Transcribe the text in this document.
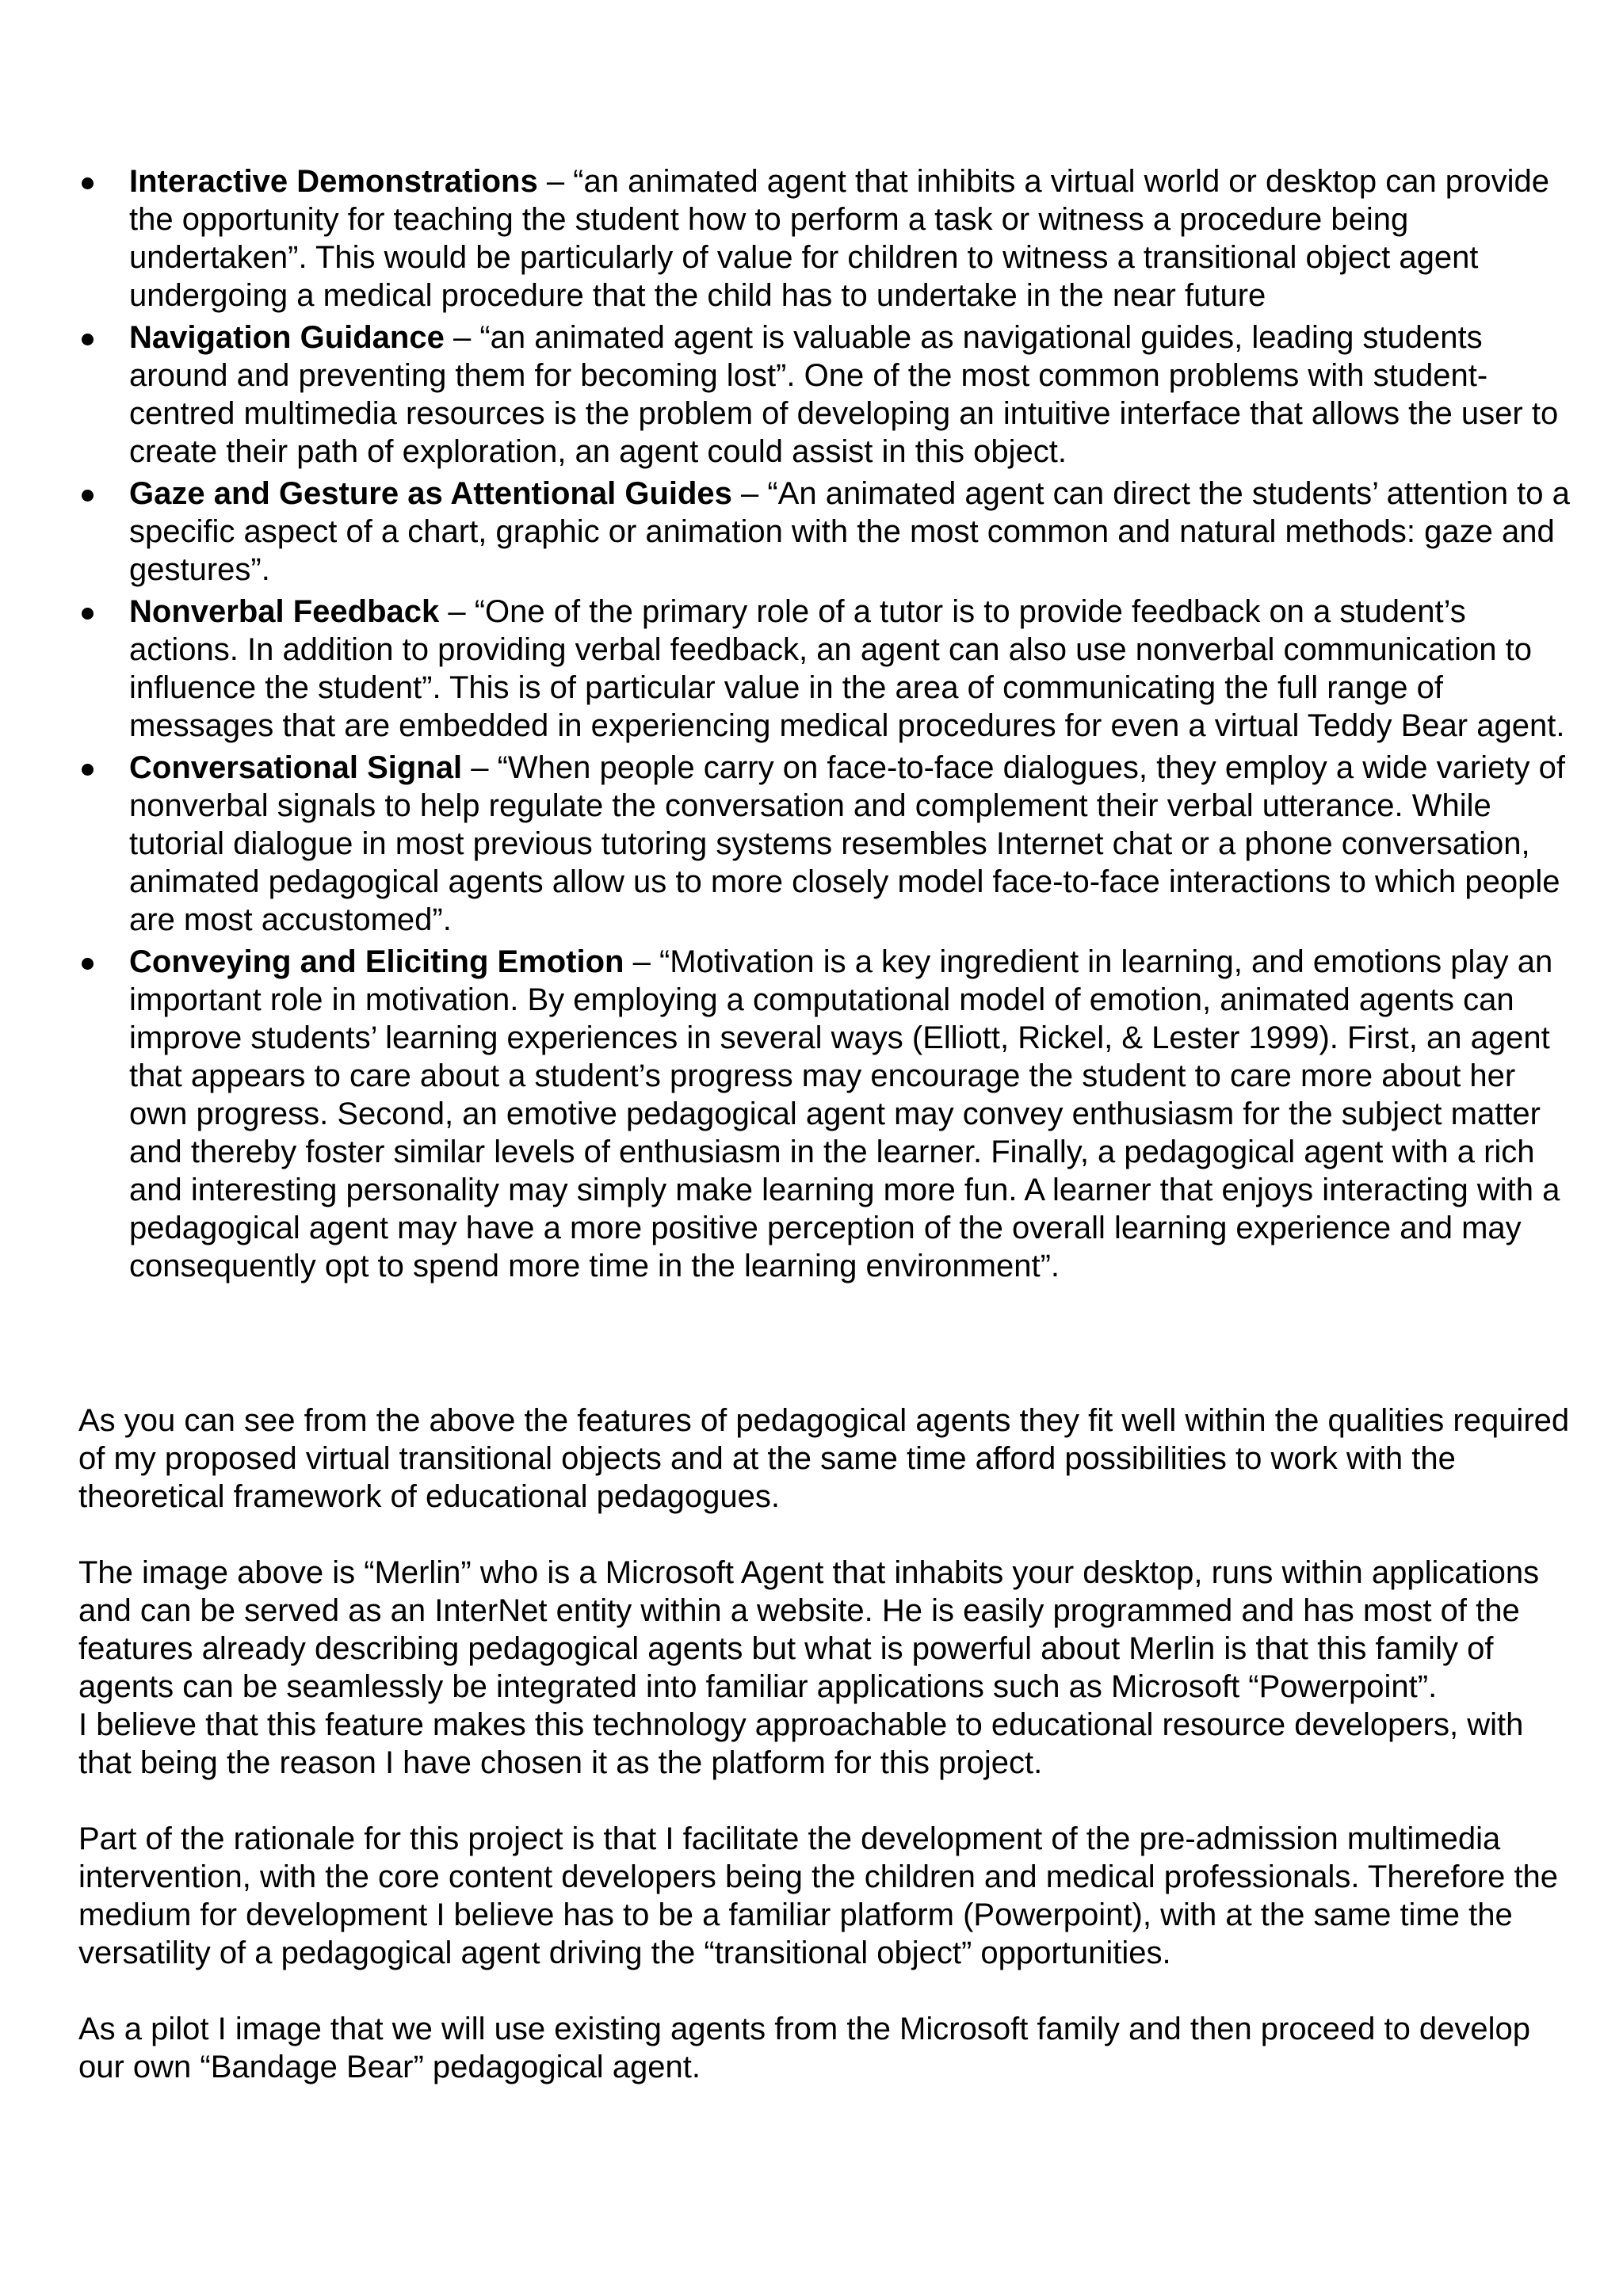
Interactive Demonstrations – “an animated agent that inhibits a virtual world or desktop can provide the opportunity for teaching the student how to perform a task or witness a procedure being undertaken”. This would be particularly of value for children to witness a transitional object agent undergoing a medical procedure that the child has to undertake in the near future
Navigation Guidance – “an animated agent is valuable as navigational guides, leading students around and preventing them for becoming lost”. One of the most common problems with student-centred multimedia resources is the problem of developing an intuitive interface that allows the user to create their path of exploration, an agent could assist in this object.
Gaze and Gesture as Attentional Guides – “An animated agent can direct the students’ attention to a specific aspect of a chart, graphic or animation with the most common and natural methods: gaze and gestures”.
Nonverbal Feedback – “One of the primary role of a tutor is to provide feedback on a student’s actions. In addition to providing verbal feedback, an agent can also use nonverbal communication to influence the student”. This is of particular value in the area of communicating the full range of messages that are embedded in experiencing medical procedures for even a virtual Teddy Bear agent.
Conversational Signal – “When people carry on face-to-face dialogues, they employ a wide variety of nonverbal signals to help regulate the conversation and complement their verbal utterance. While tutorial dialogue in most previous tutoring systems resembles Internet chat or a phone conversation, animated pedagogical agents allow us to more closely model face-to-face interactions to which people are most accustomed”.
Conveying and Eliciting Emotion – “Motivation is a key ingredient in learning, and emotions play an important role in motivation. By employing a computational model of emotion, animated agents can improve students’ learning experiences in several ways (Elliott, Rickel, & Lester 1999). First, an agent that appears to care about a student’s progress may encourage the student to care more about her own progress. Second, an emotive pedagogical agent may convey enthusiasm for the subject matter and thereby foster similar levels of enthusiasm in the learner. Finally, a pedagogical agent with a rich and interesting personality may simply make learning more fun. A learner that enjoys interacting with a pedagogical agent may have a more positive perception of the overall learning experience and may consequently opt to spend more time in the learning environment”.

As you can see from the above the features of pedagogical agents they fit well within the qualities required of my proposed virtual transitional objects and at the same time afford possibilities to work with the theoretical framework of educational pedagogues.

The image above is “Merlin” who is a Microsoft Agent that inhabits your desktop, runs within applications and can be served as an InterNet entity within a website. He is easily programmed and has most of the features already describing pedagogical agents but what is powerful about Merlin is that this family of agents can be seamlessly be integrated into familiar applications such as Microsoft “Powerpoint”.

I believe that this feature makes this technology approachable to educational resource developers, with that being the reason I have chosen it as the platform for this project.

Part of the rationale for this project is that I facilitate the development of the pre-admission multimedia intervention, with the core content developers being the children and medical professionals. Therefore the medium for development I believe has to be a familiar platform (Powerpoint), with at the same time the versatility of a pedagogical agent driving the “transitional object” opportunities.

As a pilot I image that we will use existing agents from the Microsoft family and then proceed to develop our own “Bandage Bear” pedagogical agent.
